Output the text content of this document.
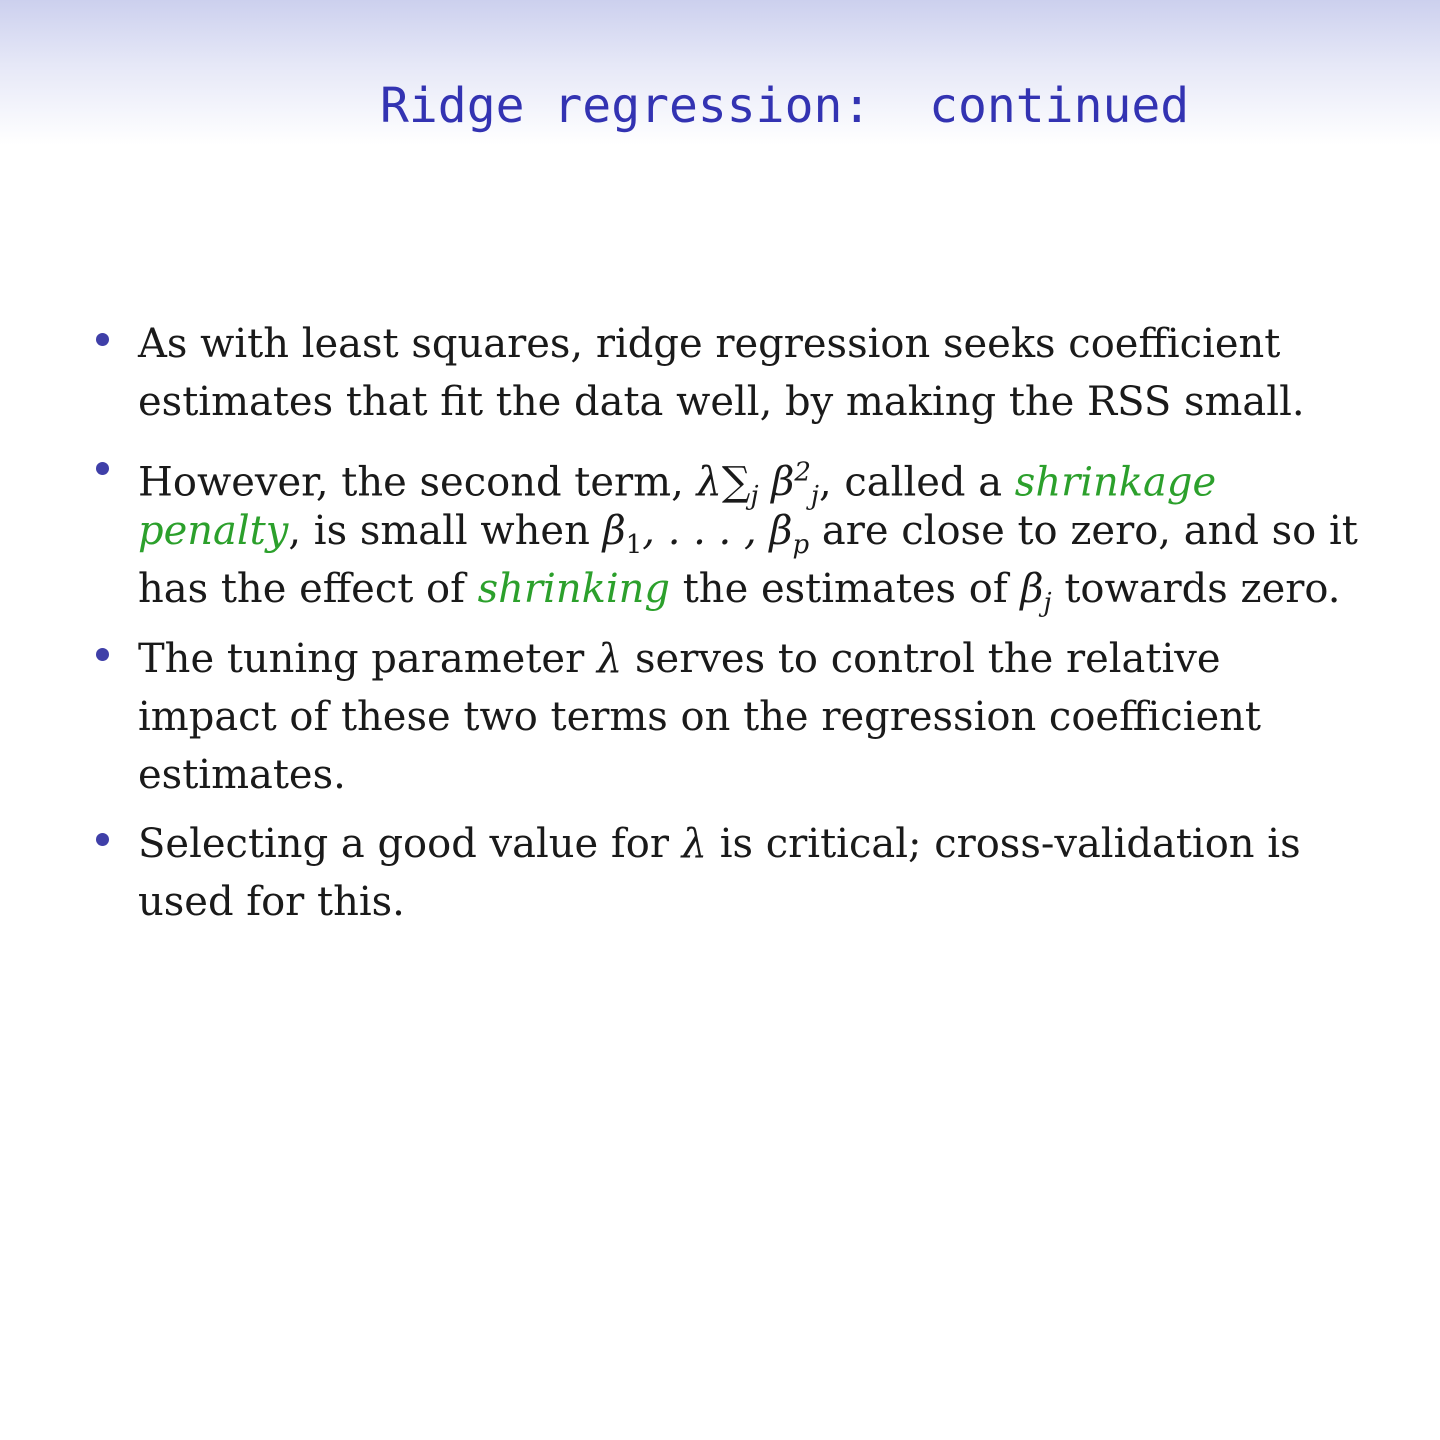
Ridge regression:  continued
As with least squares, ridge regression seeks coefficient
estimates that fit the data well, by making the RSS small.
However, the second term, $\lambda\sum_j$ $\beta^2_j$, called a shrinkage
penalty, is small when $\beta_1$, . . . , $\beta_p$ are close to zero, and so it
has the effect of shrinking the estimates of $\beta_j$ towards zero.
The tuning parameter λ serves to control the relative
impact of these two terms on the regression coefficient
estimates.
Selecting a good value for λ is critical; cross-validation is
used for this.
